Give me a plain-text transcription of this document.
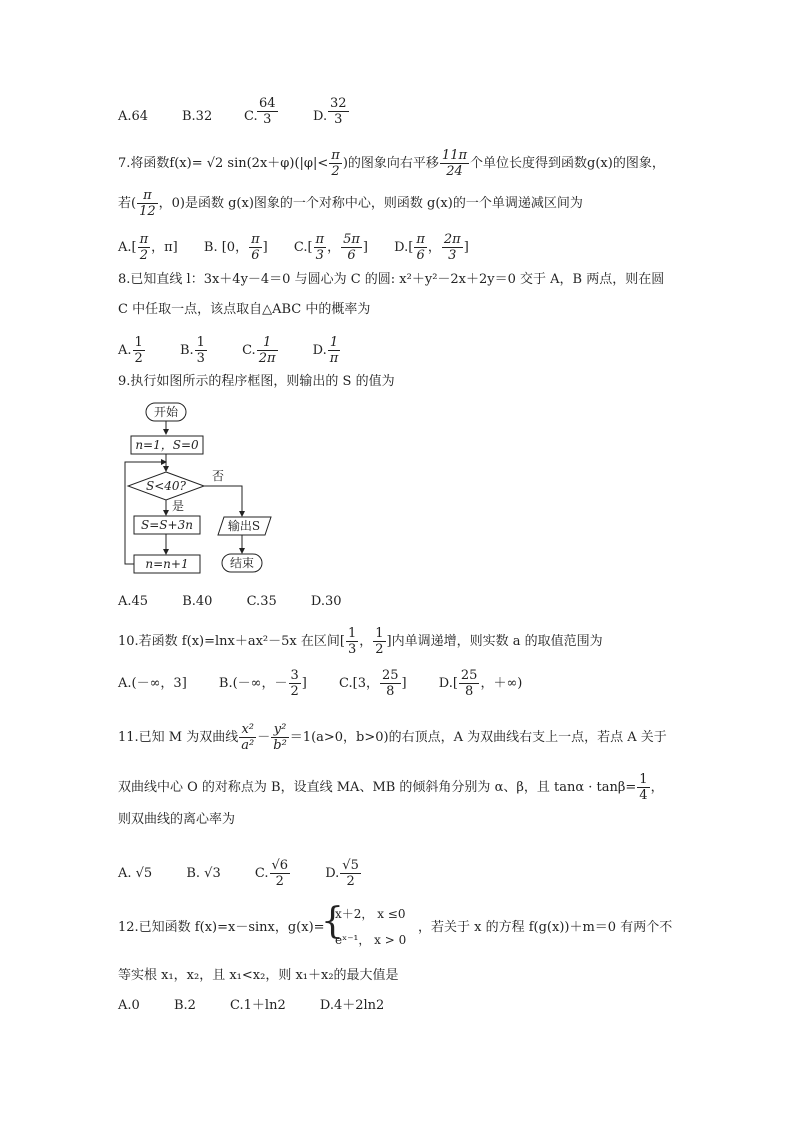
A.64	B.32 C. $\frac{64}{3}$	D. $\frac{32}{3}$
7.将函数f(x)= √2 $\sin(2x+\varphi)(|\varphi|< \frac{\pi}{2}$ )的图象向右平移 $\frac{11\pi}{24}$ 个单位长度得到函数g(x)的图象，
若( $\frac{\pi}{12}$ ，0)是函数 g(x)图象的一个对称中心，则函数 g(x)的一个单调递减区间为
$A.[ \frac{\pi}{2}$ ，π] B. [0， $\frac{\pi}{6}$ ] $C.[ \frac{\pi}{3}$ ， $\frac{5\pi}{6}$ ] $D.[ \frac{\pi}{6}$ ， $\frac{2\pi}{3}$ ]
8.已知直线 l：3x＋4y－4＝0 与圆心为 C 的圆: x²＋y²－2x＋2y＝0 交于 A，B 两点，则在圆
C 中任取一点，该点取自△ABC 中的概率为
A. $\frac{1}{2}$	B. $\frac{1}{3}$	C. $\frac{1}{2\pi}$	D. $\frac{1}{\pi}$
9.执行如图所示的程序框图，则输出的 S 的值为
开始
n=1，S=0
S<40?
否
是
S=S+3n
n=n+1
输出S
结束
A.45	B.40	C.35	D.30
10.若函数 f(x)=lnx＋ax²－5x 在区间[ $\frac{1}{3}$ ， $\frac{1}{2}$ ]内单调递增，则实数 a 的取值范围为
A.(－∞，3] B.(－∞，－ $\frac{3}{2}$ ] C.[3， $\frac{25}{8}$ ] $D.[ \frac{25}{8}$ ，＋∞)
11.已知 M 为双曲线 $\frac{\text{x²}}{\text{a²}} - \frac{\text{y²}}{\text{b²}} =1(a>0$，b>0)的右顶点，A 为双曲线右支上一点，若点 A 关于
双曲线中心 O 的对称点为 B，设直线 MA、MB 的倾斜角分别为 α、β，且 $\tan\alpha \cdot \tan\beta= \frac{1}{4}$ ，
则双曲线的离心率为
A. √5	B. √3	C. $\frac{√6}{2}$	D. $\frac{√5}{2}$
12.已知函数 f(x)=x－sinx，g(x)=
{
x＋2， x ≤0
eˣ⁻¹， x > 0
，若关于 x 的方程 f(g(x))＋m＝0 有两个不
等实根 x₁，x₂，且 x₁<x₂，则 x₁＋x₂的最大值是
A.0	B.2	C.1＋ln2	D.4＋2ln2
